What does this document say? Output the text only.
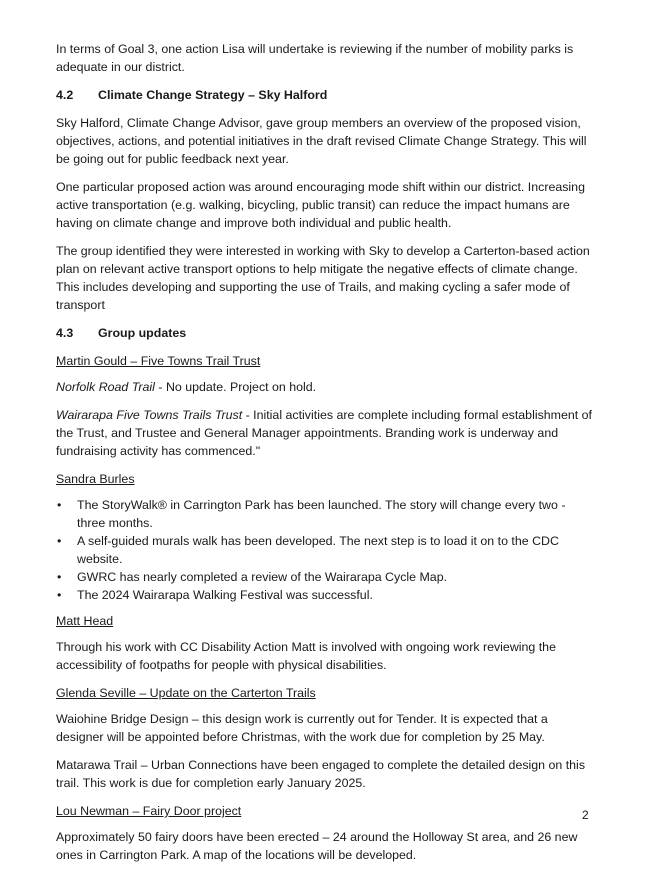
In terms of Goal 3, one action Lisa will undertake is reviewing if the number of mobility parks is adequate in our district.

4.2	Climate Change Strategy – Sky Halford

Sky Halford, Climate Change Advisor, gave group members an overview of the proposed vision, objectives, actions, and potential initiatives in the draft revised Climate Change Strategy. This will be going out for public feedback next year.

One particular proposed action was around encouraging mode shift within our district. Increasing active transportation (e.g. walking, bicycling, public transit) can reduce the impact humans are having on climate change and improve both individual and public health.

The group identified they were interested in working with Sky to develop a Carterton-based action plan on relevant active transport options to help mitigate the negative effects of climate change. This includes developing and supporting the use of Trails, and making cycling a safer mode of transport

4.3	Group updates
Martin Gould – Five Towns Trail Trust

Norfolk Road Trail - No update. Project on hold.

Wairarapa Five Towns Trails Trust - Initial activities are complete including formal establishment of the Trust, and Trustee and General Manager appointments. Branding work is underway and fundraising activity has commenced."

Sandra Burles
• The StoryWalk® in Carrington Park has been launched. The story will change every two - three months.
• A self-guided murals walk has been developed. The next step is to load it on to the CDC website.
• GWRC has nearly completed a review of the Wairarapa Cycle Map.
• The 2024 Wairarapa Walking Festival was successful.
Matt Head

Through his work with CC Disability Action Matt is involved with ongoing work reviewing the accessibility of footpaths for people with physical disabilities.

Glenda Seville – Update on the Carterton Trails

Waiohine Bridge Design – this design work is currently out for Tender. It is expected that a designer will be appointed before Christmas, with the work due for completion by 25 May.

Matarawa Trail – Urban Connections have been engaged to complete the detailed design on this trail. This work is due for completion early January 2025.

Lou Newman – Fairy Door project

Approximately 50 fairy doors have been erected – 24 around the Holloway St area, and 26 new ones in Carrington Park. A map of the locations will be developed.

2
